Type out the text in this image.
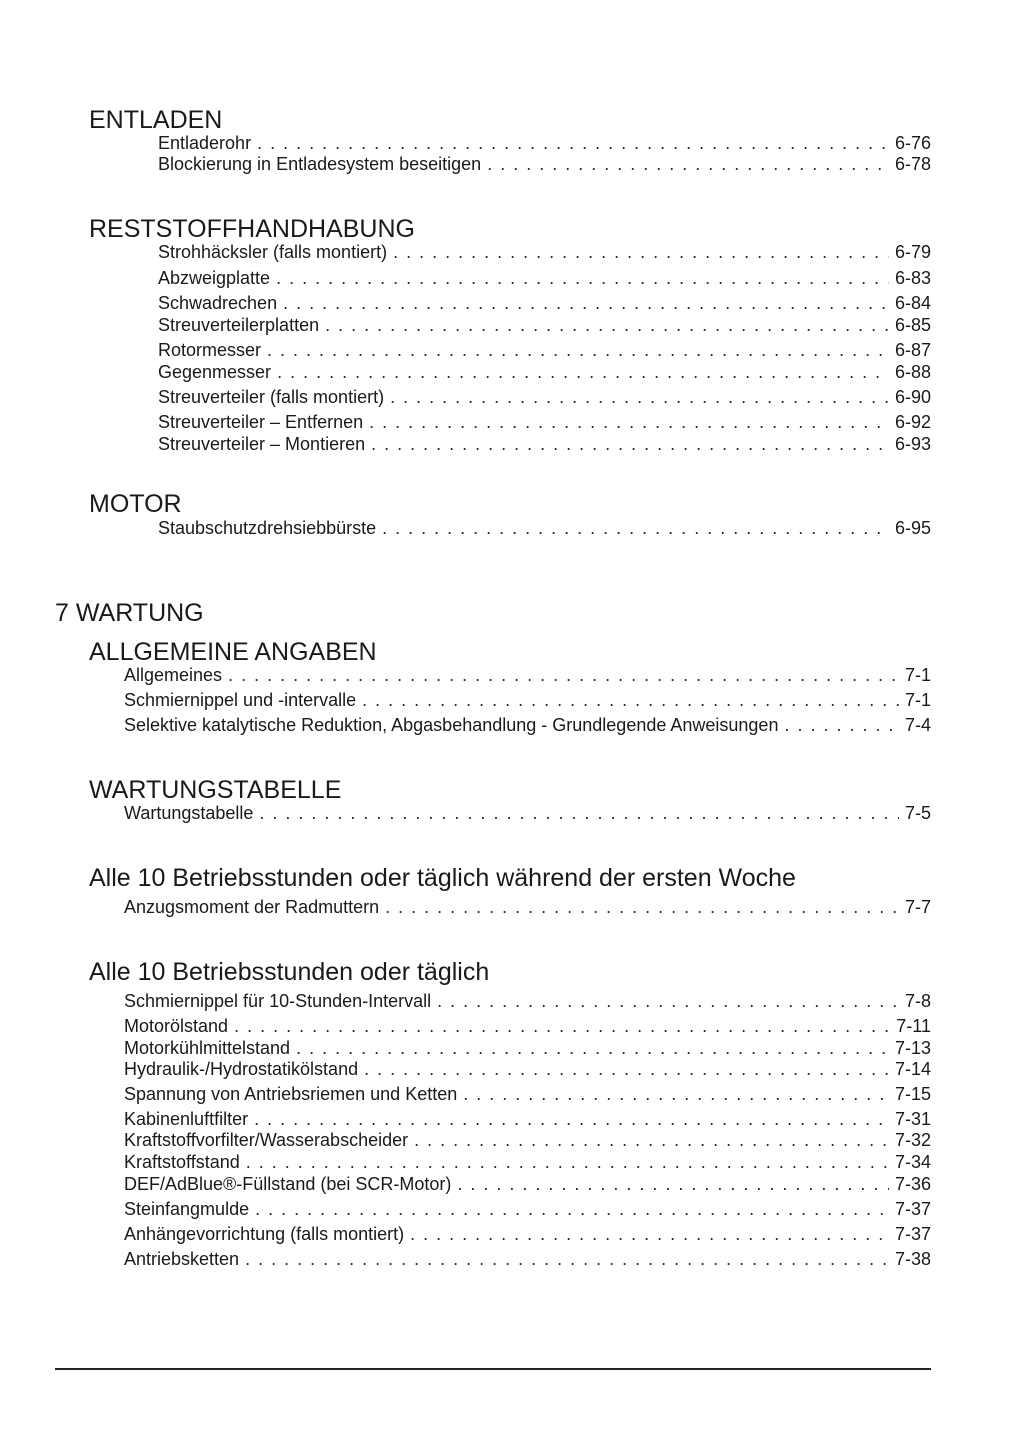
ENTLADEN
Entladerohr . . .	6-76
Blockierung in Entladesystem beseitigen . . .	6-78
RESTSTOFFHANDHABUNG
Strohhäcksler (falls montiert) . . .	6-79
Abzweigplatte . . .	6-83
Schwadrechen . . .	6-84
Streuverteilerplatten . . .	6-85
Rotormesser . . .	6-87
Gegenmesser . . .	6-88
Streuverteiler (falls montiert) . . .	6-90
Streuverteiler – Entfernen . . .	6-92
Streuverteiler – Montieren . . .	6-93
MOTOR
Staubschutzdrehsiebbürste . . .	6-95
7 WARTUNG
ALLGEMEINE ANGABEN
Allgemeines . . .	7-1
Schmiernippel und -intervalle . . .	7-1
Selektive katalytische Reduktion, Abgasbehandlung - Grundlegende Anweisungen . . .	7-4
WARTUNGSTABELLE
Wartungstabelle . . .	7-5
Alle 10 Betriebsstunden oder täglich während der ersten Woche
Anzugsmoment der Radmuttern . . .	7-7
Alle 10 Betriebsstunden oder täglich
Schmiernippel für 10-Stunden-Intervall . . .	7-8
Motorölstand . . .	7-11
Motorkühlmittelstand . . .	7-13
Hydraulik-/Hydrostatikölstand . . .	7-14
Spannung von Antriebsriemen und Ketten . . .	7-15
Kabinenluftfilter . . .	7-31
Kraftstoffvorfilter/Wasserabscheider . . .	7-32
Kraftstoffstand . . .	7-34
DEF/AdBlue®-Füllstand (bei SCR-Motor) . . .	7-36
Steinfangmulde . . .	7-37
Anhängevorrichtung (falls montiert) . . .	7-37
Antriebsketten . . .	7-38
